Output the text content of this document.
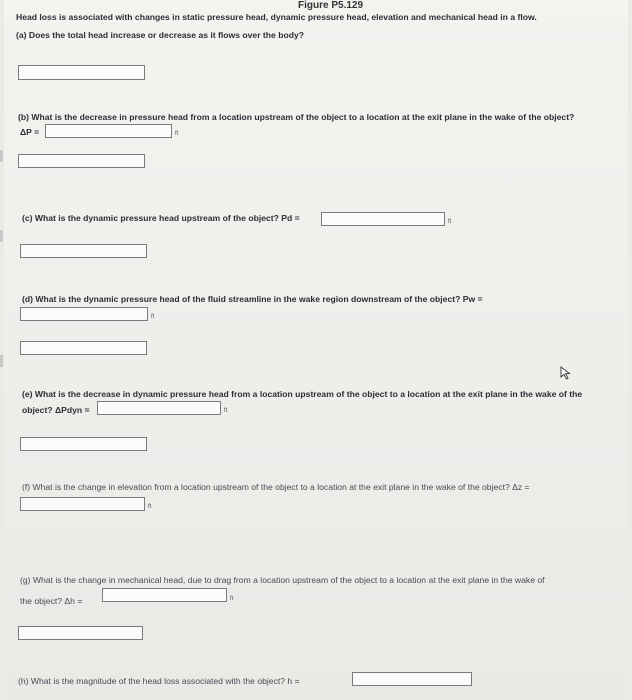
Figure P5.129
Head loss is associated with changes in static pressure head, dynamic pressure head, elevation and mechanical head in a flow.
(a) Does the total head increase or decrease as it flows over the body?
(b) What is the decrease in pressure head from a location upstream of the object to a location at the exit plane in the wake of the object?
ΔP =	ft
(c) What is the dynamic pressure head upstream of the object? Pd =	ft
(d) What is the dynamic pressure head of the fluid streamline in the wake region downstream of the object? Pw =
ft
(e) What is the decrease in dynamic pressure head from a location upstream of the object to a location at the exit plane in the wake of the
object? ΔPdyn =	ft
(f) What is the change in elevation from a location upstream of the object to a location at the exit plane in the wake of the object? Δz =
ft
(g) What is the change in mechanical head, due to drag from a location upstream of the object to a location at the exit plane in the wake of
the object? Δh =	ft
(h) What is the magnitude of the head loss associated with the object? h =
